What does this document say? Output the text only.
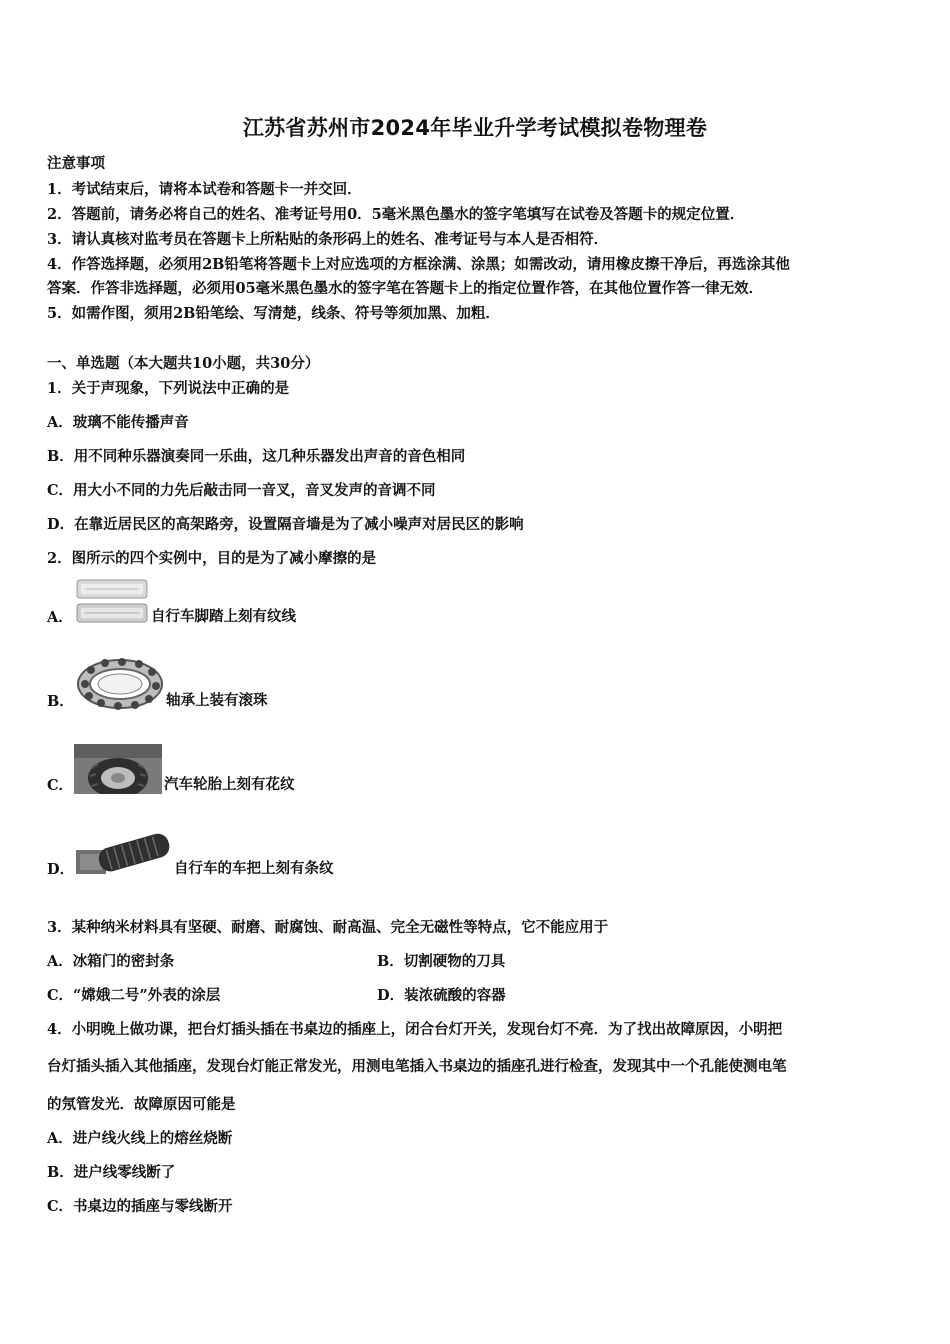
江苏省苏州市2024年毕业升学考试模拟卷物理卷
注意事项
1．考试结束后，请将本试卷和答题卡一并交回．
2．答题前，请务必将自己的姓名、准考证号用0．5毫米黑色墨水的签字笔填写在试卷及答题卡的规定位置．
3．请认真核对监考员在答题卡上所粘贴的条形码上的姓名、准考证号与本人是否相符．
4．作答选择题，必须用2B铅笔将答题卡上对应选项的方框涂满、涂黑；如需改动，请用橡皮擦干净后，再选涂其他
答案．作答非选择题，必须用05毫米黑色墨水的签字笔在答题卡上的指定位置作答，在其他位置作答一律无效．
5．如需作图，须用2B铅笔绘、写清楚，线条、符号等须加黑、加粗．
一、单选题（本大题共10小题，共30分）
1．关于声现象，下列说法中正确的是
A．玻璃不能传播声音
B．用不同种乐器演奏同一乐曲，这几种乐器发出声音的音色相同
C．用大小不同的力先后敲击同一音叉，音叉发声的音调不同
D．在靠近居民区的高架路旁，设置隔音墙是为了减小噪声对居民区的影响
2．图所示的四个实例中，目的是为了减小摩擦的是
A．	自行车脚踏上刻有纹线
B．	轴承上装有滚珠
C．	汽车轮胎上刻有花纹
D．	自行车的车把上刻有条纹
3．某种纳米材料具有坚硬、耐磨、耐腐蚀、耐高温、完全无磁性等特点，它不能应用于
A．冰箱门的密封条	B．切割硬物的刀具
C．“嫦娥二号”外表的涂层	D．装浓硫酸的容器
4．小明晚上做功课，把台灯插头插在书桌边的插座上，闭合台灯开关，发现台灯不亮．为了找出故障原因，小明把
台灯插头插入其他插座，发现台灯能正常发光，用测电笔插入书桌边的插座孔进行检查，发现其中一个孔能使测电笔
的氖管发光．故障原因可能是
A．进户线火线上的熔丝烧断
B．进户线零线断了
C．书桌边的插座与零线断开
